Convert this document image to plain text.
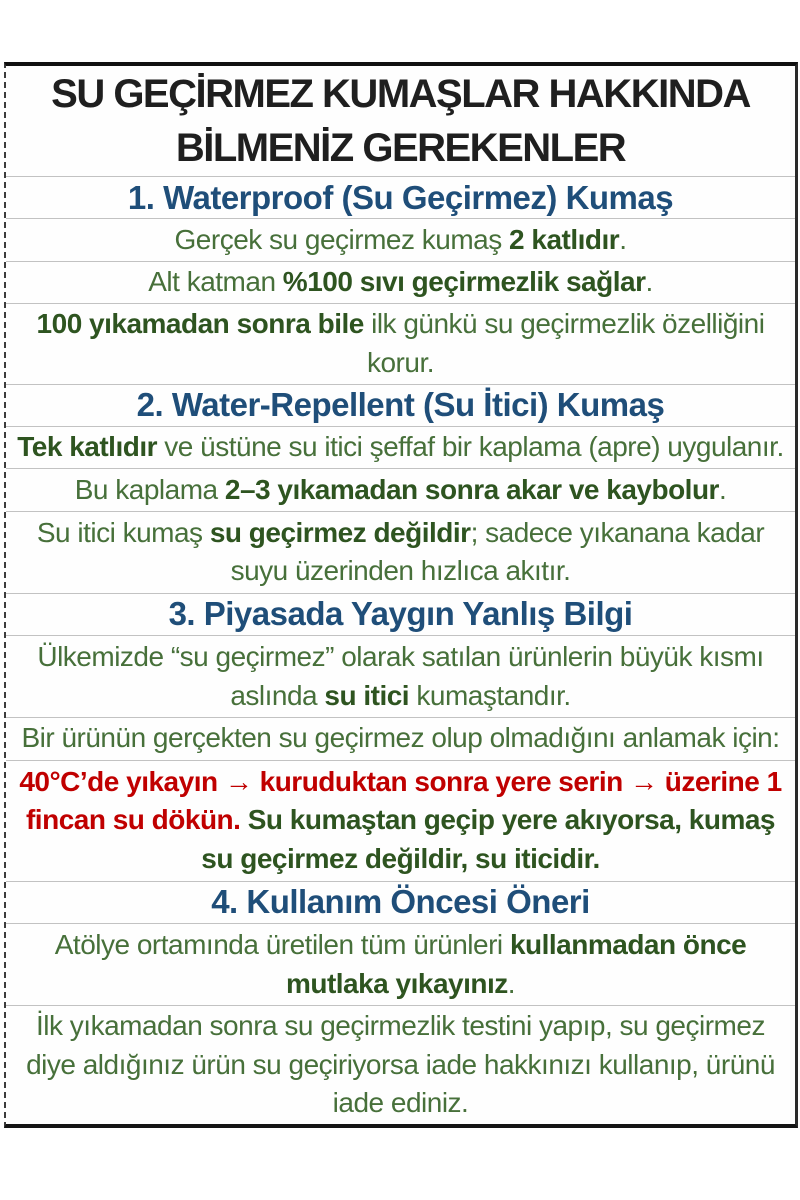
SU GEÇİRMEZ KUMAŞLAR HAKKINDA
BİLMENİZ GEREKENLER
1. Waterproof (Su Geçirmez) Kumaş
Gerçek su geçirmez kumaş 2 katlıdır.
Alt katman %100 sıvı geçirmezlik sağlar.
100 yıkamadan sonra bile ilk günkü su geçirmezlik özelliğini korur.
2. Water-Repellent (Su İtici) Kumaş
Tek katlıdır ve üstüne su itici şeffaf bir kaplama (apre) uygulanır.
Bu kaplama 2–3 yıkamadan sonra akar ve kaybolur.
Su itici kumaş su geçirmez değildir; sadece yıkanana kadar suyu üzerinden hızlıca akıtır.
3. Piyasada Yaygın Yanlış Bilgi
Ülkemizde “su geçirmez” olarak satılan ürünlerin büyük kısmı aslında su itici kumaştandır.
Bir ürünün gerçekten su geçirmez olup olmadığını anlamak için:
40°C’de yıkayın → kuruduktan sonra yere serin → üzerine 1 fincan su dökün. Su kumaştan geçip yere akıyorsa, kumaş su geçirmez değildir, su iticidir.
4. Kullanım Öncesi Öneri
Atölye ortamında üretilen tüm ürünleri kullanmadan önce mutlaka yıkayınız.
İlk yıkamadan sonra su geçirmezlik testini yapıp, su geçirmez diye aldığınız ürün su geçiriyorsa iade hakkınızı kullanıp, ürünü iade ediniz.
